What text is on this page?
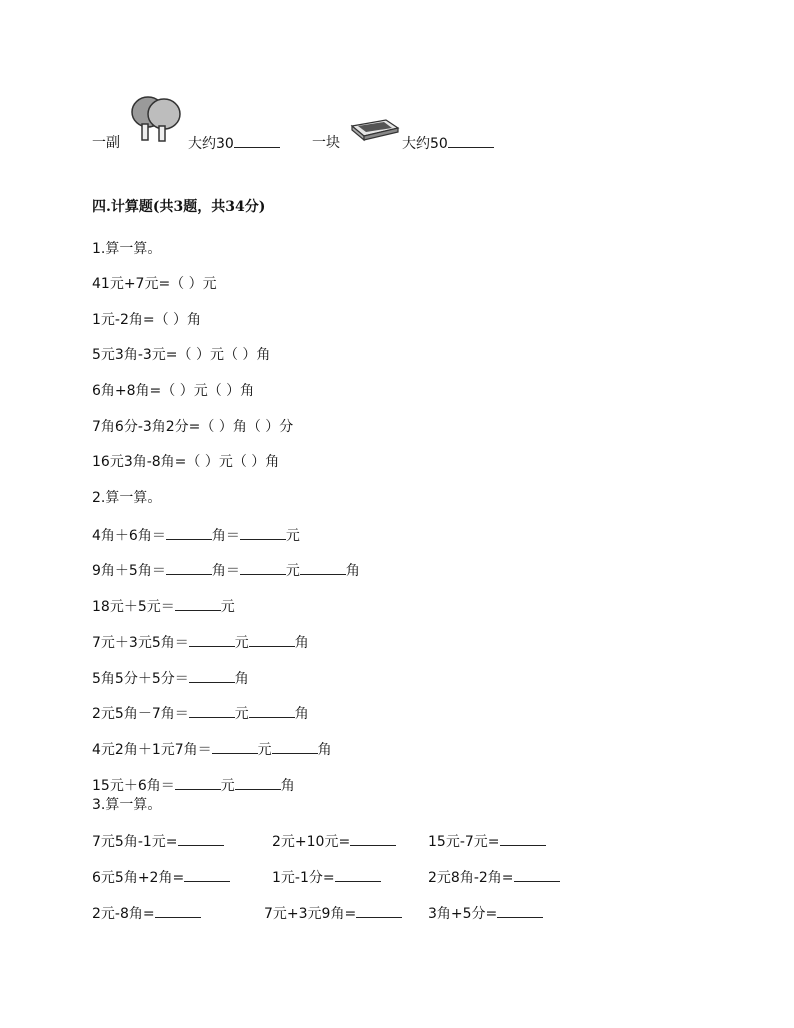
一副	大约30	一块	大约50
四.计算题(共3题，共34分)
1.算一算。
41元+7元=（ ）元
1元-2角=（ ）角
5元3角-3元=（ ）元（ ）角
6角+8角=（ ）元（ ）角
7角6分-3角2分=（ ）角（ ）分
16元3角-8角=（ ）元（ ）角
2.算一算。
4角＋6角＝	角＝	元
9角＋5角＝	角＝	元	角
18元＋5元＝	元
7元＋3元5角＝	元	角
5角5分＋5分＝	角
2元5角－7角＝	元	角
4元2角＋1元7角＝	元	角
15元＋6角＝	元	角
3.算一算。
7元5角-1元=	2元+10元=	15元-7元=
6元5角+2角=	1元-1分=	2元8角-2角=
2元-8角=	7元+3元9角=	3角+5分=
